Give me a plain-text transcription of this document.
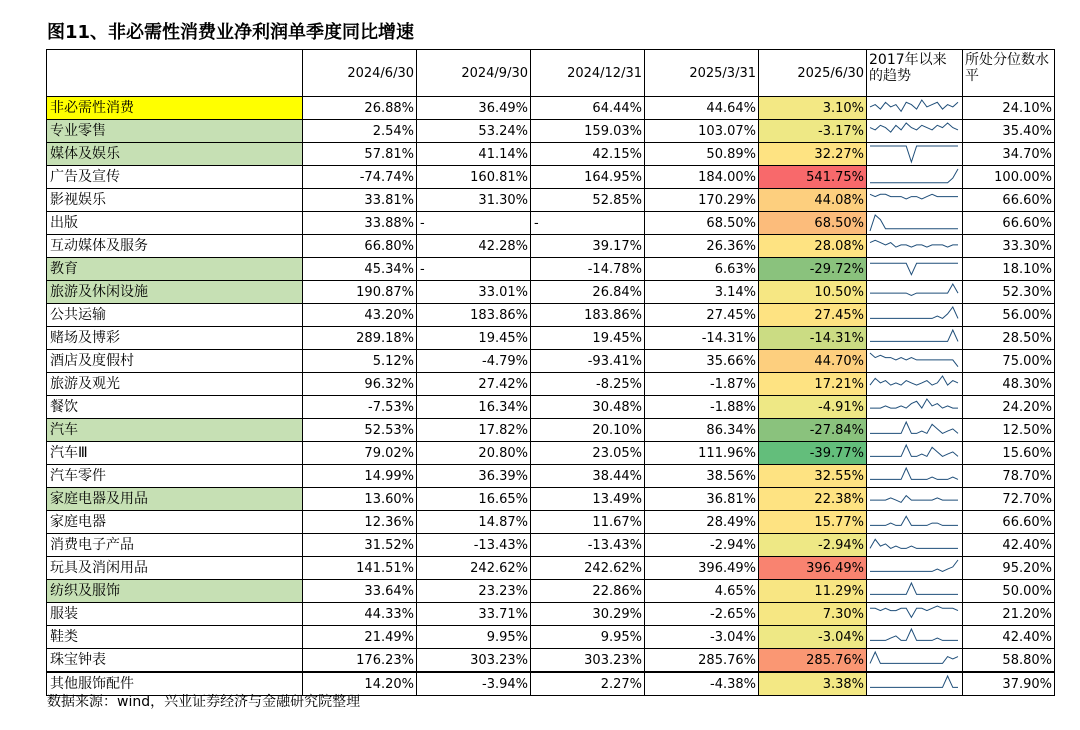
图11、非必需性消费业净利润单季度同比增速
	2024/6/30	2024/9/30	2024/12/31	2025/3/31	2025/6/30	2017年以来的趋势	所处分位数水平
非必需性消费	26.88%	36.49%	64.44%	44.64%	3.10%		24.10%
专业零售	2.54%	53.24%	159.03%	103.07%	-3.17%		35.40%
媒体及娱乐	57.81%	41.14%	42.15%	50.89%	32.27%		34.70%
广告及宣传	-74.74%	160.81%	164.95%	184.00%	541.75%		100.00%
影视娱乐	33.81%	31.30%	52.85%	170.29%	44.08%		66.60%
出版	33.88%	-	-	68.50%	68.50%		66.60%
互动媒体及服务	66.80%	42.28%	39.17%	26.36%	28.08%		33.30%
教育	45.34%	-	-14.78%	6.63%	-29.72%		18.10%
旅游及休闲设施	190.87%	33.01%	26.84%	3.14%	10.50%		52.30%
公共运输	43.20%	183.86%	183.86%	27.45%	27.45%		56.00%
赌场及博彩	289.18%	19.45%	19.45%	-14.31%	-14.31%		28.50%
酒店及度假村	5.12%	-4.79%	-93.41%	35.66%	44.70%		75.00%
旅游及观光	96.32%	27.42%	-8.25%	-1.87%	17.21%		48.30%
餐饮	-7.53%	16.34%	30.48%	-1.88%	-4.91%		24.20%
汽车	52.53%	17.82%	20.10%	86.34%	-27.84%		12.50%
汽车Ⅲ	79.02%	20.80%	23.05%	111.96%	-39.77%		15.60%
汽车零件	14.99%	36.39%	38.44%	38.56%	32.55%		78.70%
家庭电器及用品	13.60%	16.65%	13.49%	36.81%	22.38%		72.70%
家庭电器	12.36%	14.87%	11.67%	28.49%	15.77%		66.60%
消费电子产品	31.52%	-13.43%	-13.43%	-2.94%	-2.94%		42.40%
玩具及消闲用品	141.51%	242.62%	242.62%	396.49%	396.49%		95.20%
纺织及服饰	33.64%	23.23%	22.86%	4.65%	11.29%		50.00%
服装	44.33%	33.71%	30.29%	-2.65%	7.30%		21.20%
鞋类	21.49%	9.95%	9.95%	-3.04%	-3.04%		42.40%
珠宝钟表	176.23%	303.23%	303.23%	285.76%	285.76%		58.80%
其他服饰配件	14.20%	-3.94%	2.27%	-4.38%	3.38%		37.90%
数据来源：wind，兴业证券经济与金融研究院整理
